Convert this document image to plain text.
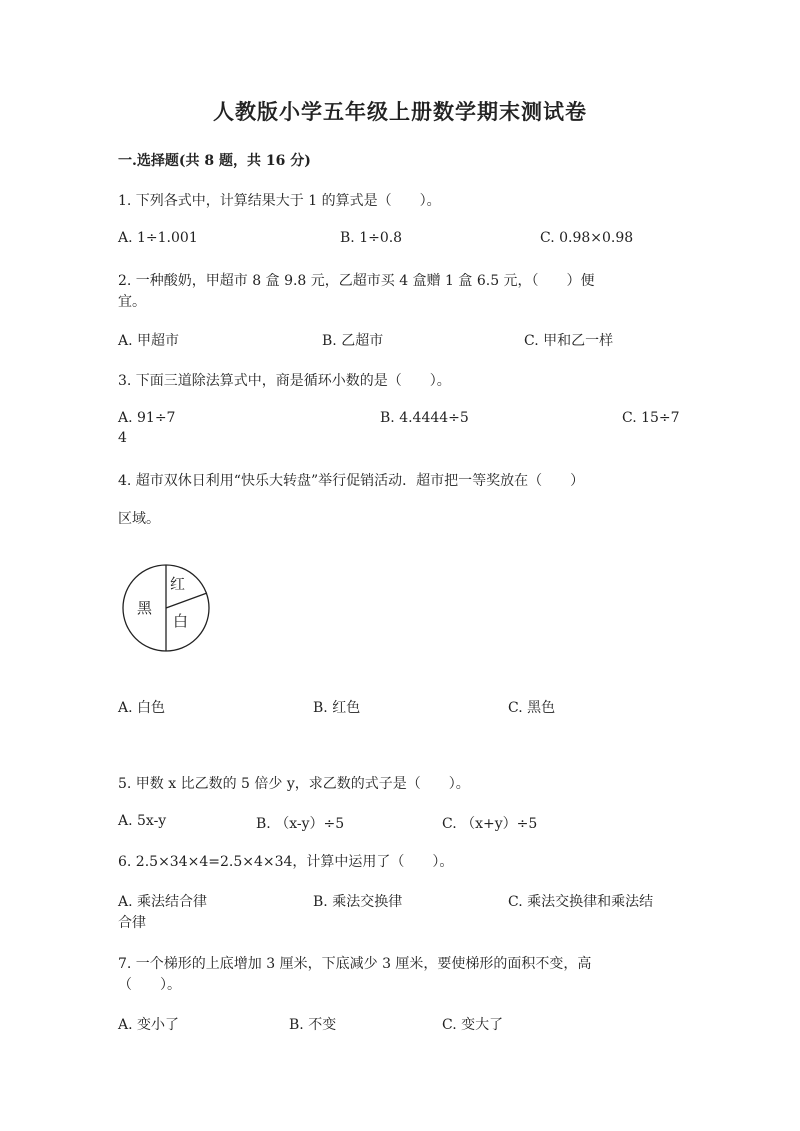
人教版小学五年级上册数学期末测试卷
一.选择题(共 8 题，共 16 分)
1. 下列各式中，计算结果大于 1 的算式是（　　）。
A. 1÷1.001	B. 1÷0.8	C. 0.98×0.98
2. 一种酸奶，甲超市 8 盒 9.8 元，乙超市买 4 盒赠 1 盒 6.5 元，（　　）便
宜。
A. 甲超市	B. 乙超市	C. 甲和乙一样
3. 下面三道除法算式中，商是循环小数的是（　　）。
A. 91÷7	B. 4.4444÷5	C. 15÷7
4
4. 超市双休日利用“快乐大转盘”举行促销活动．超市把一等奖放在（　　）
区域。
黑
红
白
A. 白色	B. 红色	C. 黑色
5. 甲数 x 比乙数的 5 倍少 y，求乙数的式子是（　　）。
A. 5x-y	B. （x-y）÷5	C. （x+y）÷5
6. 2.5×34×4=2.5×4×34，计算中运用了（　　）。
A. 乘法结合律	B. 乘法交换律	C. 乘法交换律和乘法结
合律
7. 一个梯形的上底增加 3 厘米，下底减少 3 厘米，要使梯形的面积不变，高
（　　）。
A. 变小了	B. 不变	C. 变大了
